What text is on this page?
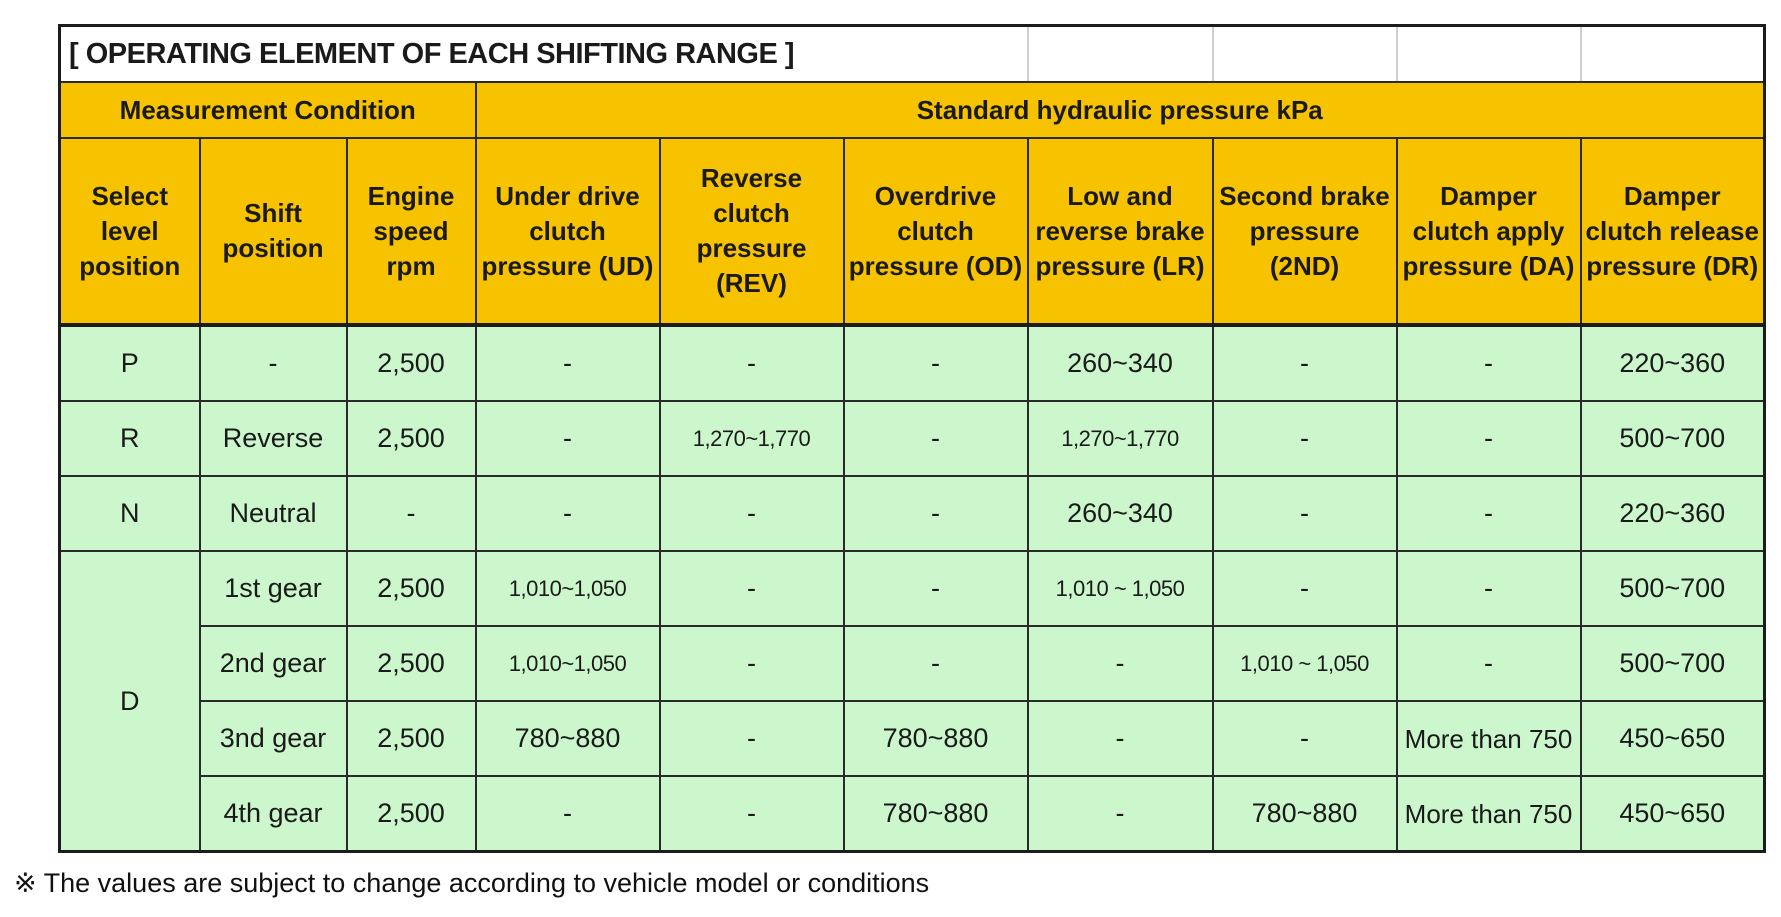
[ OPERATING ELEMENT OF EACH SHIFTING RANGE ]									
Measurement Condition			Standard hydraulic pressure kPa						
Select level position	Shift position	Engine speed rpm	Under drive clutch pressure (UD)	Reverse clutch pressure (REV)	Overdrive clutch pressure (OD)	Low and reverse brake pressure (LR)	Second brake pressure (2ND)	Damper clutch apply pressure (DA)	Damper clutch release pressure (DR)
P	-	2,500	-	-	-	260~340	-	-	220~360
R	Reverse	2,500	-	1,270~1,770	-	1,270~1,770	-	-	500~700
N	Neutral	-	-	-	-	260~340	-	-	220~360
D	1st gear	2,500	1,010~1,050	-	-	1,010 ~ 1,050	-	-	500~700
	2nd gear	2,500	1,010~1,050	-	-	-	1,010 ~ 1,050	-	500~700
	3nd gear	2,500	780~880	-	780~880	-	-	More than 750	450~650
	4th gear	2,500	-	-	780~880	-	780~880	More than 750	450~650
※ The values are subject to change according to vehicle model or conditions
